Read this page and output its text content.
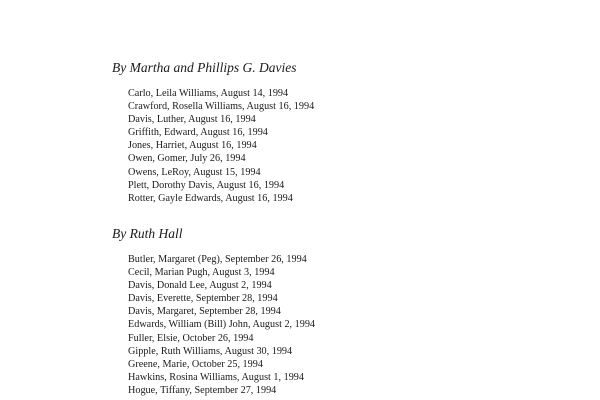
By Martha and Phillips G. Davies
Carlo, Leila Williams, August 14, 1994
Crawford, Rosella Williams, August 16, 1994
Davis, Luther, August 16, 1994
Griffith, Edward, August 16, 1994
Jones, Harriet, August 16, 1994
Owen, Gomer, July 26, 1994
Owens, LeRoy, August 15, 1994
Plett, Dorothy Davis, August 16, 1994
Rotter, Gayle Edwards, August 16, 1994
By Ruth Hall
Butler, Margaret (Peg), September 26, 1994
Cecil, Marian Pugh, August 3, 1994
Davis, Donald Lee, August 2, 1994
Davis, Everette, September 28, 1994
Davis, Margaret, September 28, 1994
Edwards, William (Bill) John, August 2, 1994
Fuller, Elsie, October 26, 1994
Gipple, Ruth Williams, August 30, 1994
Greene, Marie, October 25, 1994
Hawkins, Rosina Williams, August 1, 1994
Hogue, Tiffany, September 27, 1994
